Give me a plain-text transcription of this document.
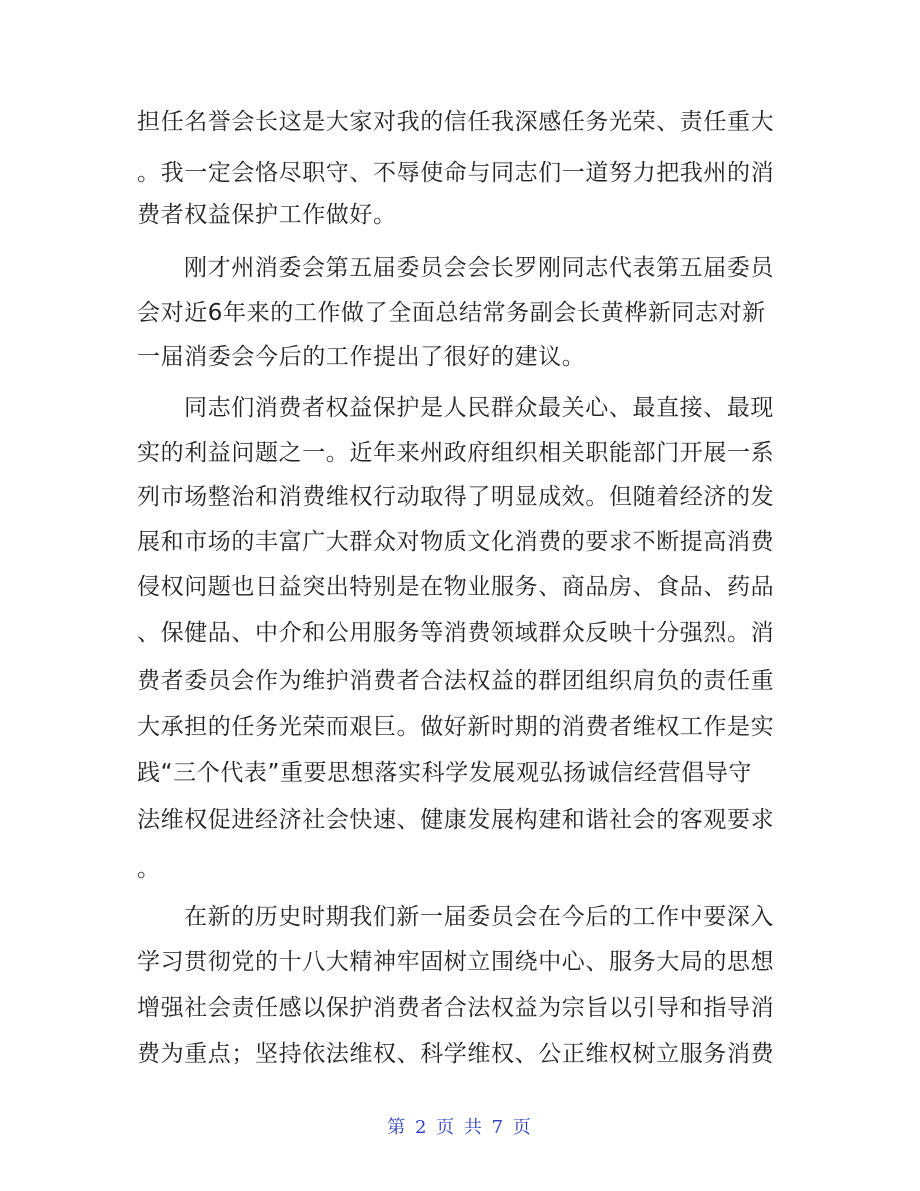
担任名誉会长这是大家对我的信任我深感任务光荣、责任重大
。我一定会恪尽职守、不辱使命与同志们一道努力把我州的消
费者权益保护工作做好。
刚才州消委会第五届委员会会长罗刚同志代表第五届委员
会对近6年来的工作做了全面总结常务副会长黄桦新同志对新
一届消委会今后的工作提出了很好的建议。
同志们消费者权益保护是人民群众最关心、最直接、最现
实的利益问题之一。近年来州政府组织相关职能部门开展一系
列市场整治和消费维权行动取得了明显成效。但随着经济的发
展和市场的丰富广大群众对物质文化消费的要求不断提高消费
侵权问题也日益突出特别是在物业服务、商品房、食品、药品
、保健品、中介和公用服务等消费领域群众反映十分强烈。消
费者委员会作为维护消费者合法权益的群团组织肩负的责任重
大承担的任务光荣而艰巨。做好新时期的消费者维权工作是实
践“三个代表”重要思想落实科学发展观弘扬诚信经营倡导守
法维权促进经济社会快速、健康发展构建和谐社会的客观要求
。
在新的历史时期我们新一届委员会在今后的工作中要深入
学习贯彻党的十八大精神牢固树立围绕中心、服务大局的思想
增强社会责任感以保护消费者合法权益为宗旨以引导和指导消
费为重点；坚持依法维权、科学维权、公正维权树立服务消费
第 2 页 共 7 页
